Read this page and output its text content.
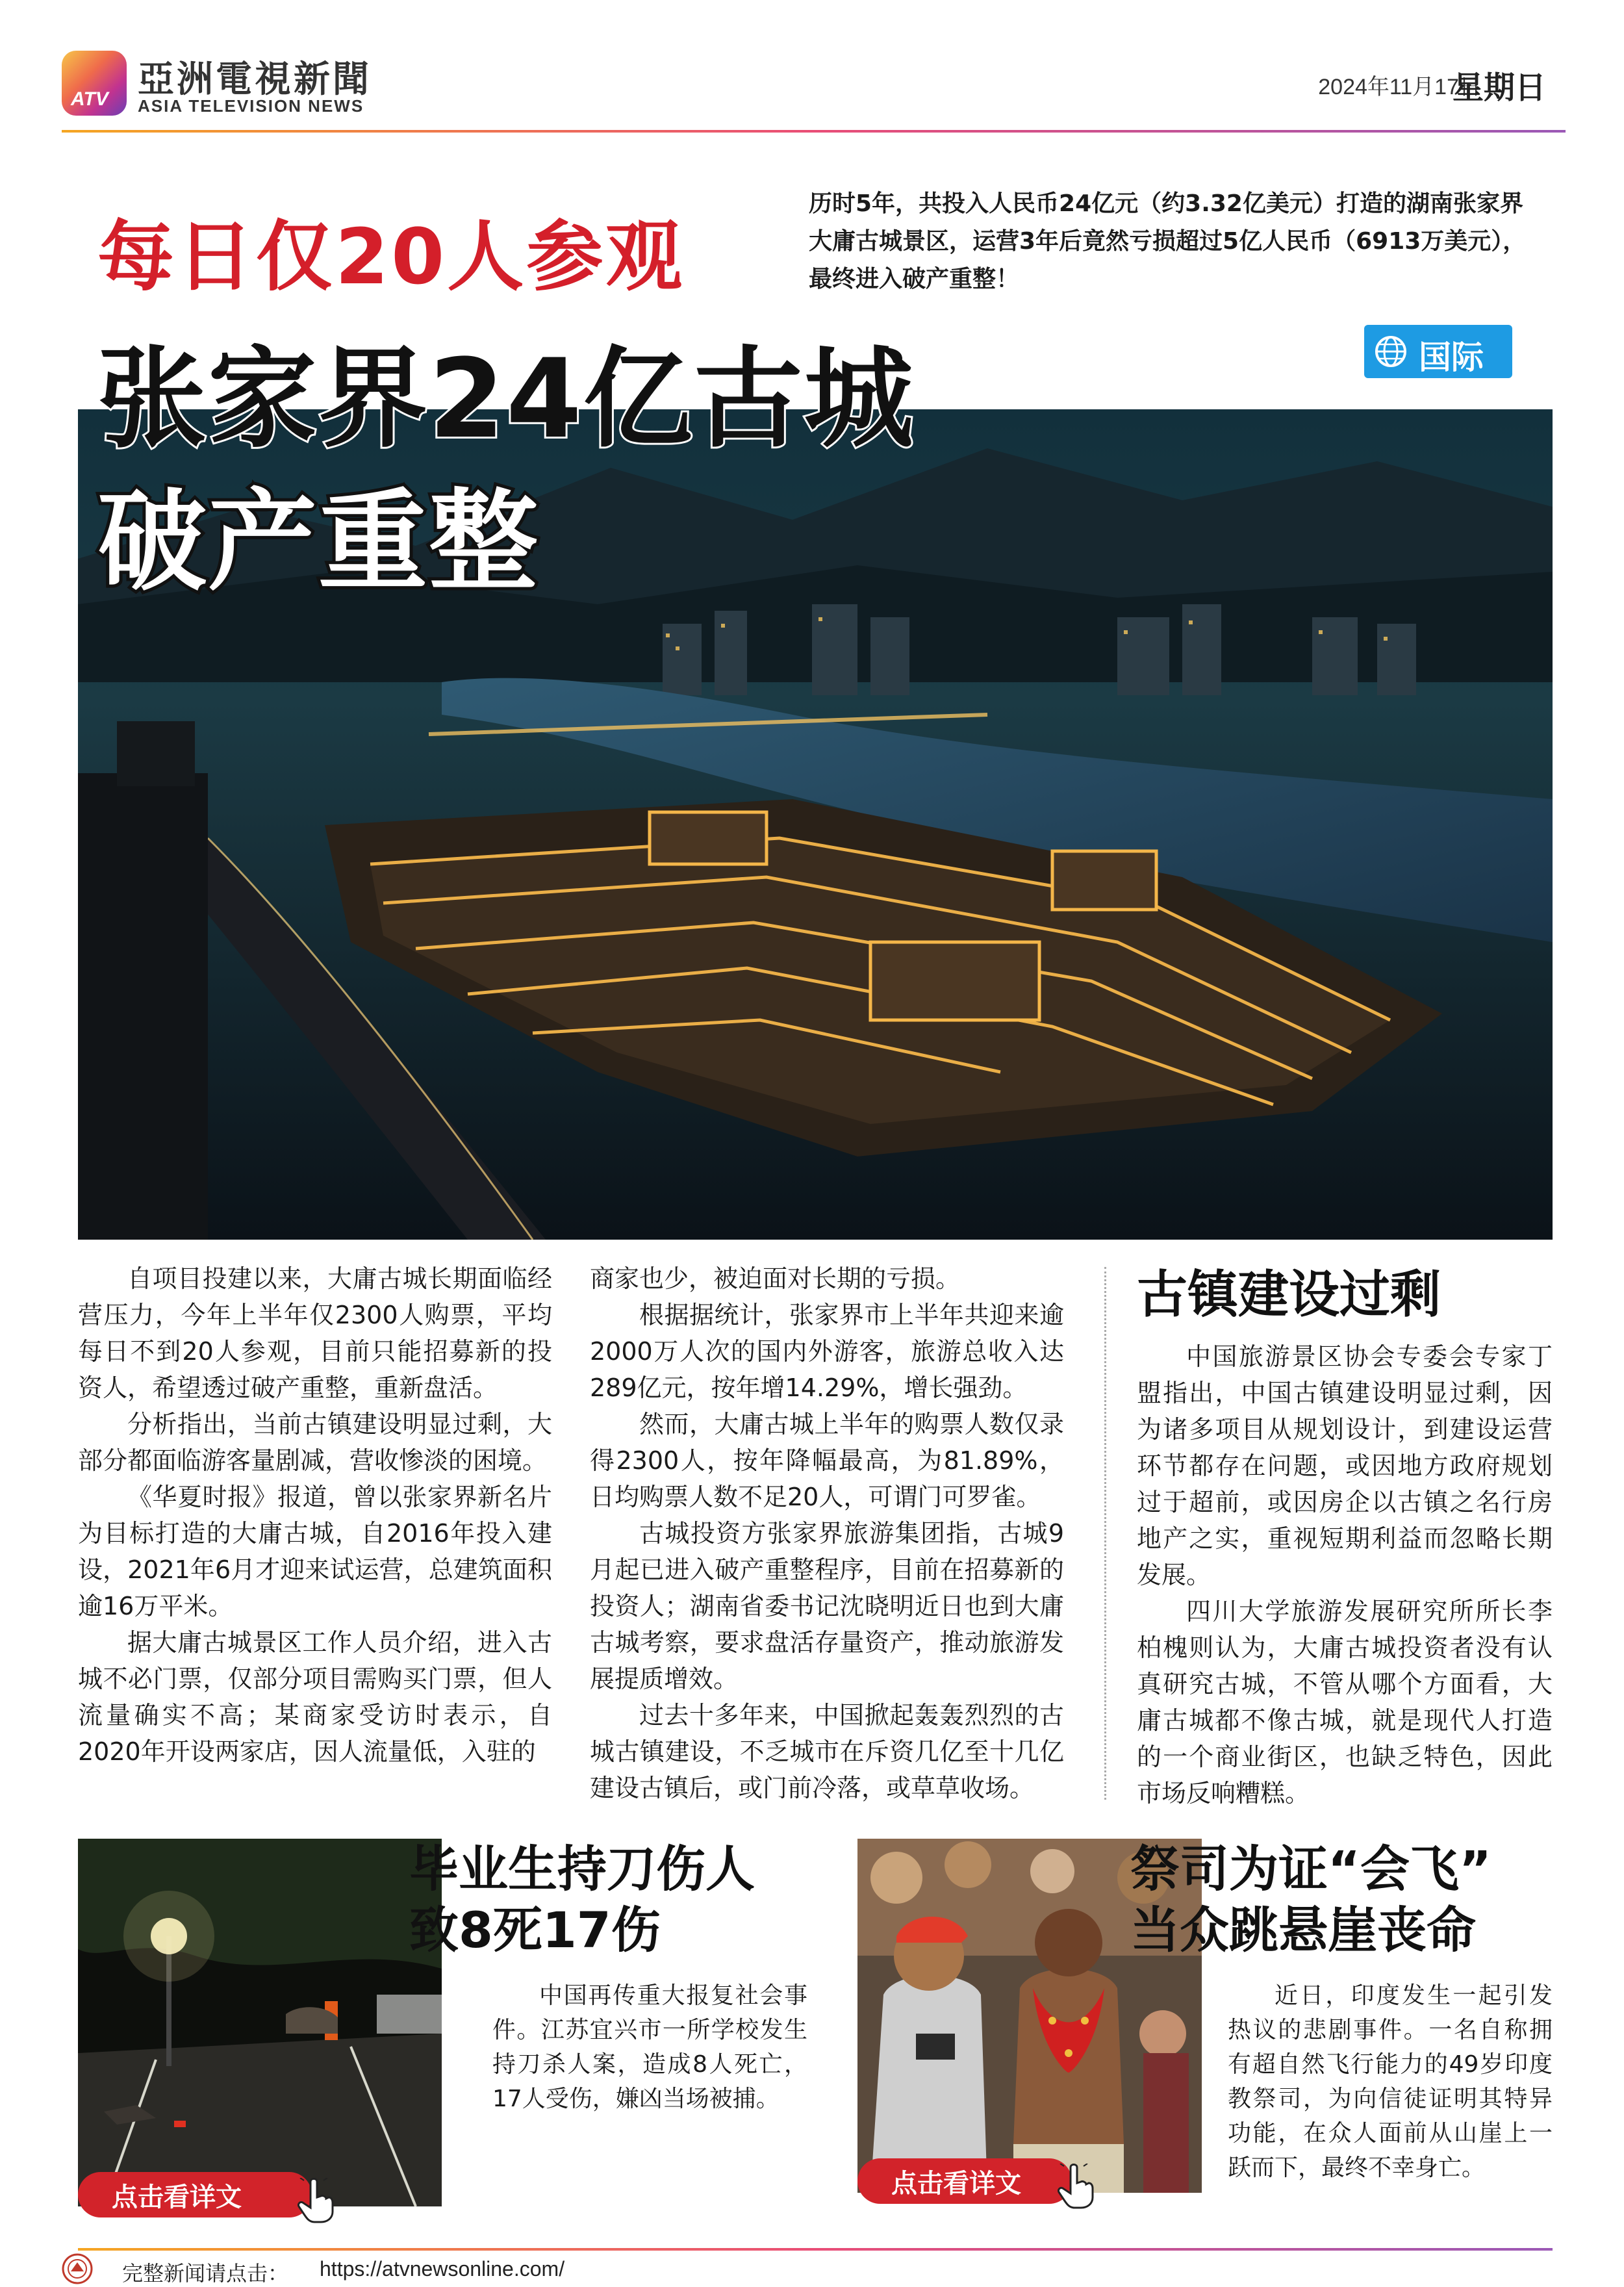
ATV 亞洲電視新聞
ASIA TELEVISION NEWS
2024年11月17日
星期日
每日仅20人参观
历时5年，共投入人民币24亿元（约3.32亿美元）打造的湖南张家界大庸古城景区，运营3年后竟然亏损超过5亿人民币（6913万美元），最终进入破产重整！
国际
张家界24亿古城
破产重整

自项目投建以来，大庸古城长期面临经营压力，今年上半年仅2300人购票，平均每日不到20人参观，目前只能招募新的投资人，希望透过破产重整，重新盘活。

分析指出，当前古镇建设明显过剩，大部分都面临游客量剧减，营收惨淡的困境。

《华夏时报》报道，曾以张家界新名片为目标打造的大庸古城，自2016年投入建设，2021年6月才迎来试运营，总建筑面积逾16万平米。

据大庸古城景区工作人员介绍，进入古城不必门票，仅部分项目需购买门票，但人流量确实不高；某商家受访时表示，自2020年开设两家店，因人流量低，入驻的

商家也少，被迫面对长期的亏损。

根据据统计，张家界市上半年共迎来逾2000万人次的国内外游客，旅游总收入达289亿元，按年增14.29%，增长强劲。

然而，大庸古城上半年的购票人数仅录得2300人，按年降幅最高，为81.89%，日均购票人数不足20人，可谓门可罗雀。

古城投资方张家界旅游集团指，古城9月起已进入破产重整程序，目前在招募新的投资人；湖南省委书记沈晓明近日也到大庸古城考察，要求盘活存量资产，推动旅游发展提质增效。

过去十多年来，中国掀起轰轰烈烈的古城古镇建设，不乏城市在斥资几亿至十几亿建设古镇后，或门前冷落，或草草收场。

古镇建设过剩

中国旅游景区协会专委会专家丁盟指出，中国古镇建设明显过剩，因为诸多项目从规划设计，到建设运营环节都存在问题，或因地方政府规划过于超前，或因房企以古镇之名行房地产之实，重视短期利益而忽略长期发展。

四川大学旅游发展研究所所长李柏槐则认为，大庸古城投资者没有认真研究古城，不管从哪个方面看，大庸古城都不像古城，就是现代人打造的一个商业街区，也缺乏特色，因此市场反响糟糕。

毕业生持刀伤人
致8死17伤

中国再传重大报复社会事件。江苏宜兴市一所学校发生持刀杀人案，造成8人死亡，17人受伤，嫌凶当场被捕。

点击看详文
祭司为证“会飞”
当众跳悬崖丧命

近日，印度发生一起引发热议的悲剧事件。一名自称拥有超自然飞行能力的49岁印度教祭司，为向信徒证明其特异功能，在众人面前从山崖上一跃而下，最终不幸身亡。

点击看详文
完整新闻请点击： https://atvnewsonline.com/
